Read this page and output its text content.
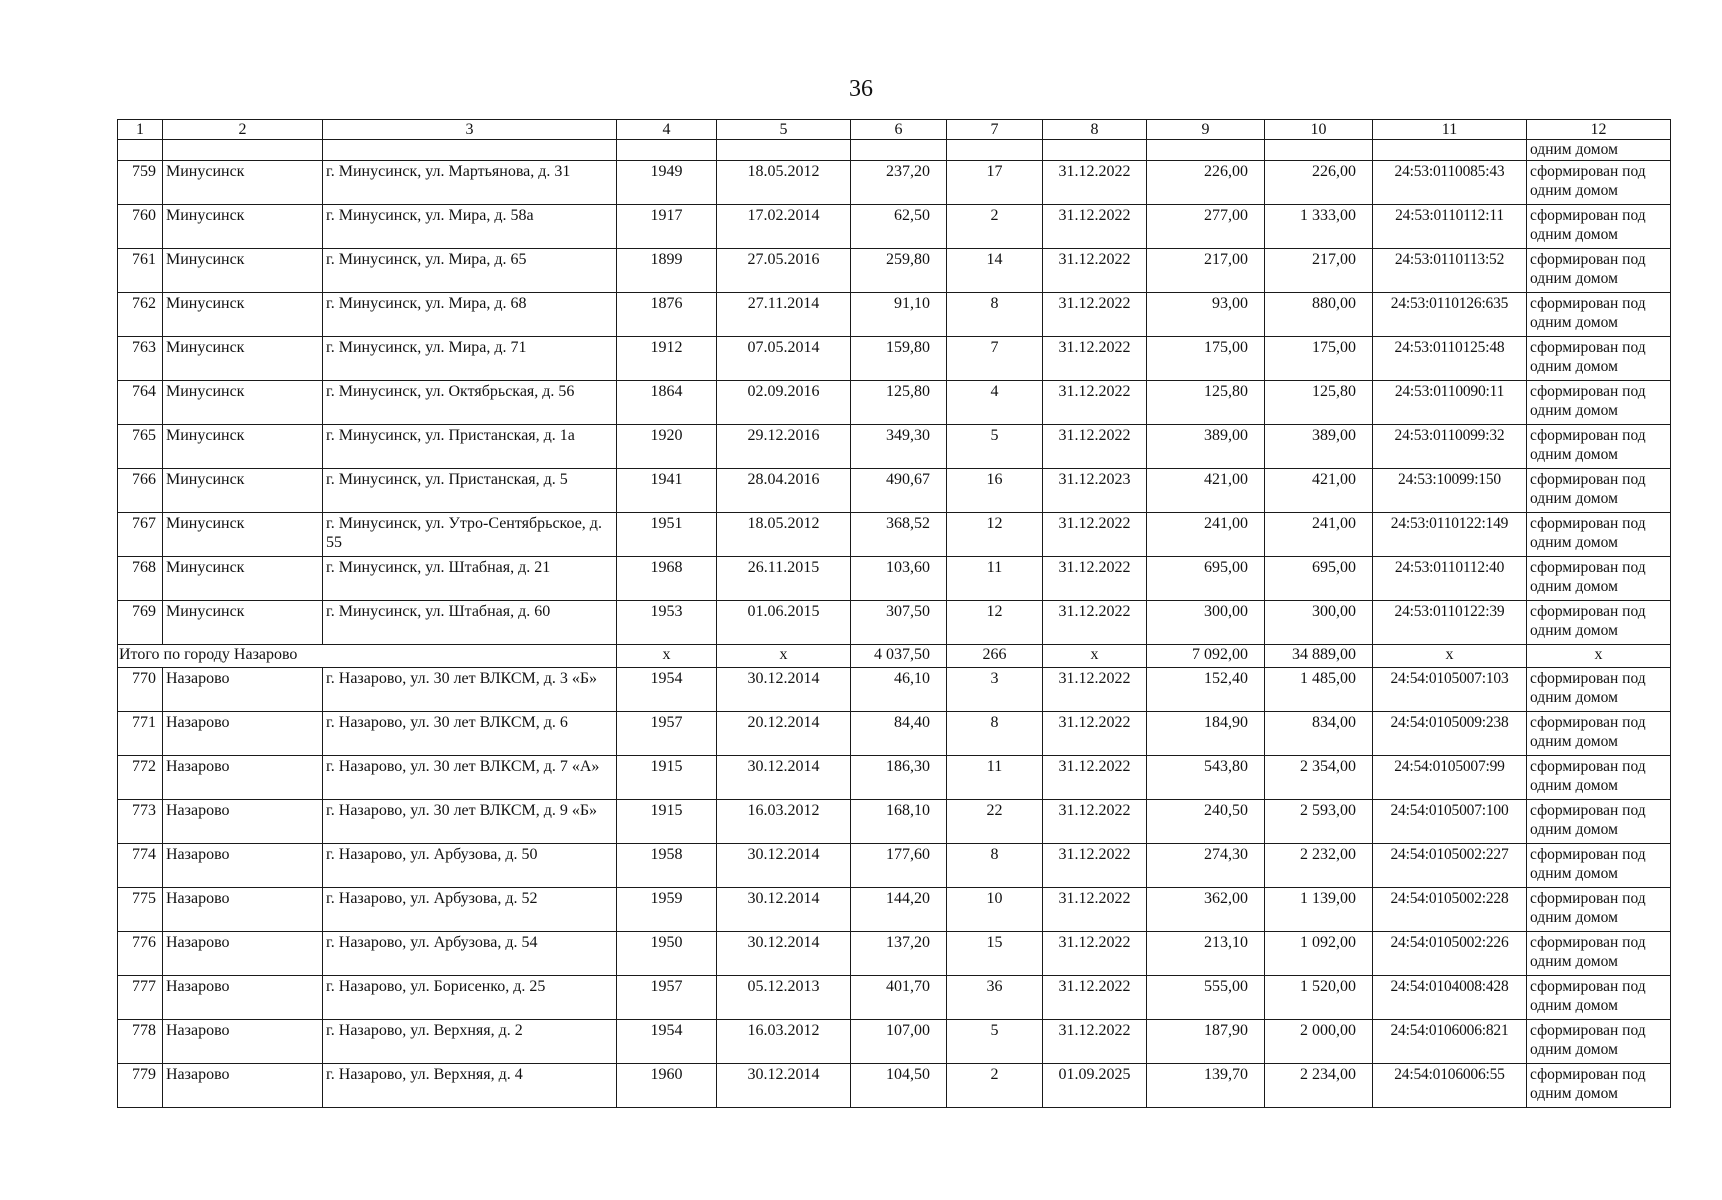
36
1	2	3	4	5	6	7	8	9	10	11	12
											одним домом
759	Минусинск	г. Минусинск, ул. Мартьянова, д. 31	1949	18.05.2012	237,20	17	31.12.2022	226,00	226,00	24:53:0110085:43	сформирован под одним домом
760	Минусинск	г. Минусинск, ул. Мира, д. 58а	1917	17.02.2014	62,50	2	31.12.2022	277,00	1 333,00	24:53:0110112:11	сформирован под одним домом
761	Минусинск	г. Минусинск, ул. Мира, д. 65	1899	27.05.2016	259,80	14	31.12.2022	217,00	217,00	24:53:0110113:52	сформирован под одним домом
762	Минусинск	г. Минусинск, ул. Мира, д. 68	1876	27.11.2014	91,10	8	31.12.2022	93,00	880,00	24:53:0110126:635	сформирован под одним домом
763	Минусинск	г. Минусинск, ул. Мира, д. 71	1912	07.05.2014	159,80	7	31.12.2022	175,00	175,00	24:53:0110125:48	сформирован под одним домом
764	Минусинск	г. Минусинск, ул. Октябрьская, д. 56	1864	02.09.2016	125,80	4	31.12.2022	125,80	125,80	24:53:0110090:11	сформирован под одним домом
765	Минусинск	г. Минусинск, ул. Пристанская, д. 1а	1920	29.12.2016	349,30	5	31.12.2022	389,00	389,00	24:53:0110099:32	сформирован под одним домом
766	Минусинск	г. Минусинск, ул. Пристанская, д. 5	1941	28.04.2016	490,67	16	31.12.2023	421,00	421,00	24:53:10099:150	сформирован под одним домом
767	Минусинск	г. Минусинск, ул. Утро-Сентябрьское, д. 55	1951	18.05.2012	368,52	12	31.12.2022	241,00	241,00	24:53:0110122:149	сформирован под одним домом
768	Минусинск	г. Минусинск, ул. Штабная, д. 21	1968	26.11.2015	103,60	11	31.12.2022	695,00	695,00	24:53:0110112:40	сформирован под одним домом
769	Минусинск	г. Минусинск, ул. Штабная, д. 60	1953	01.06.2015	307,50	12	31.12.2022	300,00	300,00	24:53:0110122:39	сформирован под одним домом
Итого по городу Назарово			х	х	4 037,50	266	х	7 092,00	34 889,00	х	х
770	Назарово	г. Назарово, ул. 30 лет ВЛКСМ, д. 3 «Б»	1954	30.12.2014	46,10	3	31.12.2022	152,40	1 485,00	24:54:0105007:103	сформирован под одним домом
771	Назарово	г. Назарово, ул. 30 лет ВЛКСМ, д. 6	1957	20.12.2014	84,40	8	31.12.2022	184,90	834,00	24:54:0105009:238	сформирован под одним домом
772	Назарово	г. Назарово, ул. 30 лет ВЛКСМ, д. 7 «А»	1915	30.12.2014	186,30	11	31.12.2022	543,80	2 354,00	24:54:0105007:99	сформирован под одним домом
773	Назарово	г. Назарово, ул. 30 лет ВЛКСМ, д. 9 «Б»	1915	16.03.2012	168,10	22	31.12.2022	240,50	2 593,00	24:54:0105007:100	сформирован под одним домом
774	Назарово	г. Назарово, ул. Арбузова, д. 50	1958	30.12.2014	177,60	8	31.12.2022	274,30	2 232,00	24:54:0105002:227	сформирован под одним домом
775	Назарово	г. Назарово, ул. Арбузова, д. 52	1959	30.12.2014	144,20	10	31.12.2022	362,00	1 139,00	24:54:0105002:228	сформирован под одним домом
776	Назарово	г. Назарово, ул. Арбузова, д. 54	1950	30.12.2014	137,20	15	31.12.2022	213,10	1 092,00	24:54:0105002:226	сформирован под одним домом
777	Назарово	г. Назарово, ул. Борисенко, д. 25	1957	05.12.2013	401,70	36	31.12.2022	555,00	1 520,00	24:54:0104008:428	сформирован под одним домом
778	Назарово	г. Назарово, ул. Верхняя, д. 2	1954	16.03.2012	107,00	5	31.12.2022	187,90	2 000,00	24:54:0106006:821	сформирован под одним домом
779	Назарово	г. Назарово, ул. Верхняя, д. 4	1960	30.12.2014	104,50	2	01.09.2025	139,70	2 234,00	24:54:0106006:55	сформирован под одним домом
